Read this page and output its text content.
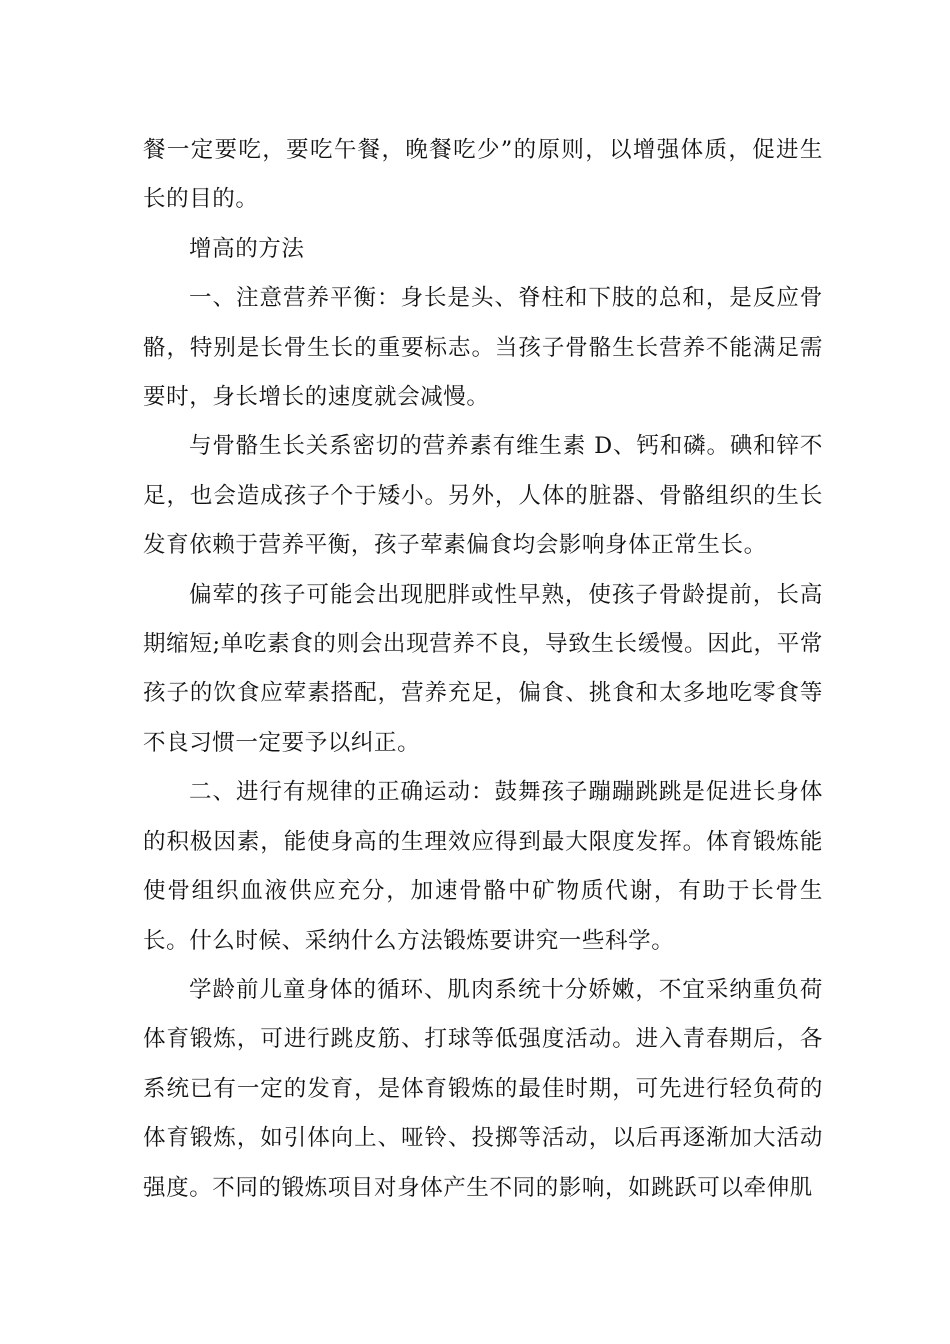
餐一定要吃，要吃午餐，晚餐吃少”的原则，以增强体质，促进生长的目的。

增高的方法

一、注意营养平衡：身长是头、脊柱和下肢的总和，是反应骨骼，特别是长骨生长的重要标志。当孩子骨骼生长营养不能满足需要时，身长增长的速度就会减慢。

与骨骼生长关系密切的营养素有维生素 D、钙和磷。碘和锌不足，也会造成孩子个于矮小。另外，人体的脏器、骨骼组织的生长发育依赖于营养平衡，孩子荤素偏食均会影响身体正常生长。

偏荤的孩子可能会出现肥胖或性早熟，使孩子骨龄提前，长高期缩短;单吃素食的则会出现营养不良，导致生长缓慢。因此，平常孩子的饮食应荤素搭配，营养充足，偏食、挑食和太多地吃零食等不良习惯一定要予以纠正。

二、进行有规律的正确运动：鼓舞孩子蹦蹦跳跳是促进长身体的积极因素，能使身高的生理效应得到最大限度发挥。体育锻炼能使骨组织血液供应充分，加速骨骼中矿物质代谢，有助于长骨生长。什么时候、采纳什么方法锻炼要讲究一些科学。

学龄前儿童身体的循环、肌肉系统十分娇嫩，不宜采纳重负荷体育锻炼，可进行跳皮筋、打球等低强度活动。进入青春期后，各系统已有一定的发育，是体育锻炼的最佳时期，可先进行轻负荷的体育锻炼，如引体向上、哑铃、投掷等活动，以后再逐渐加大活动强度。不同的锻炼项目对身体产生不同的影响，如跳跃可以牵伸肌
